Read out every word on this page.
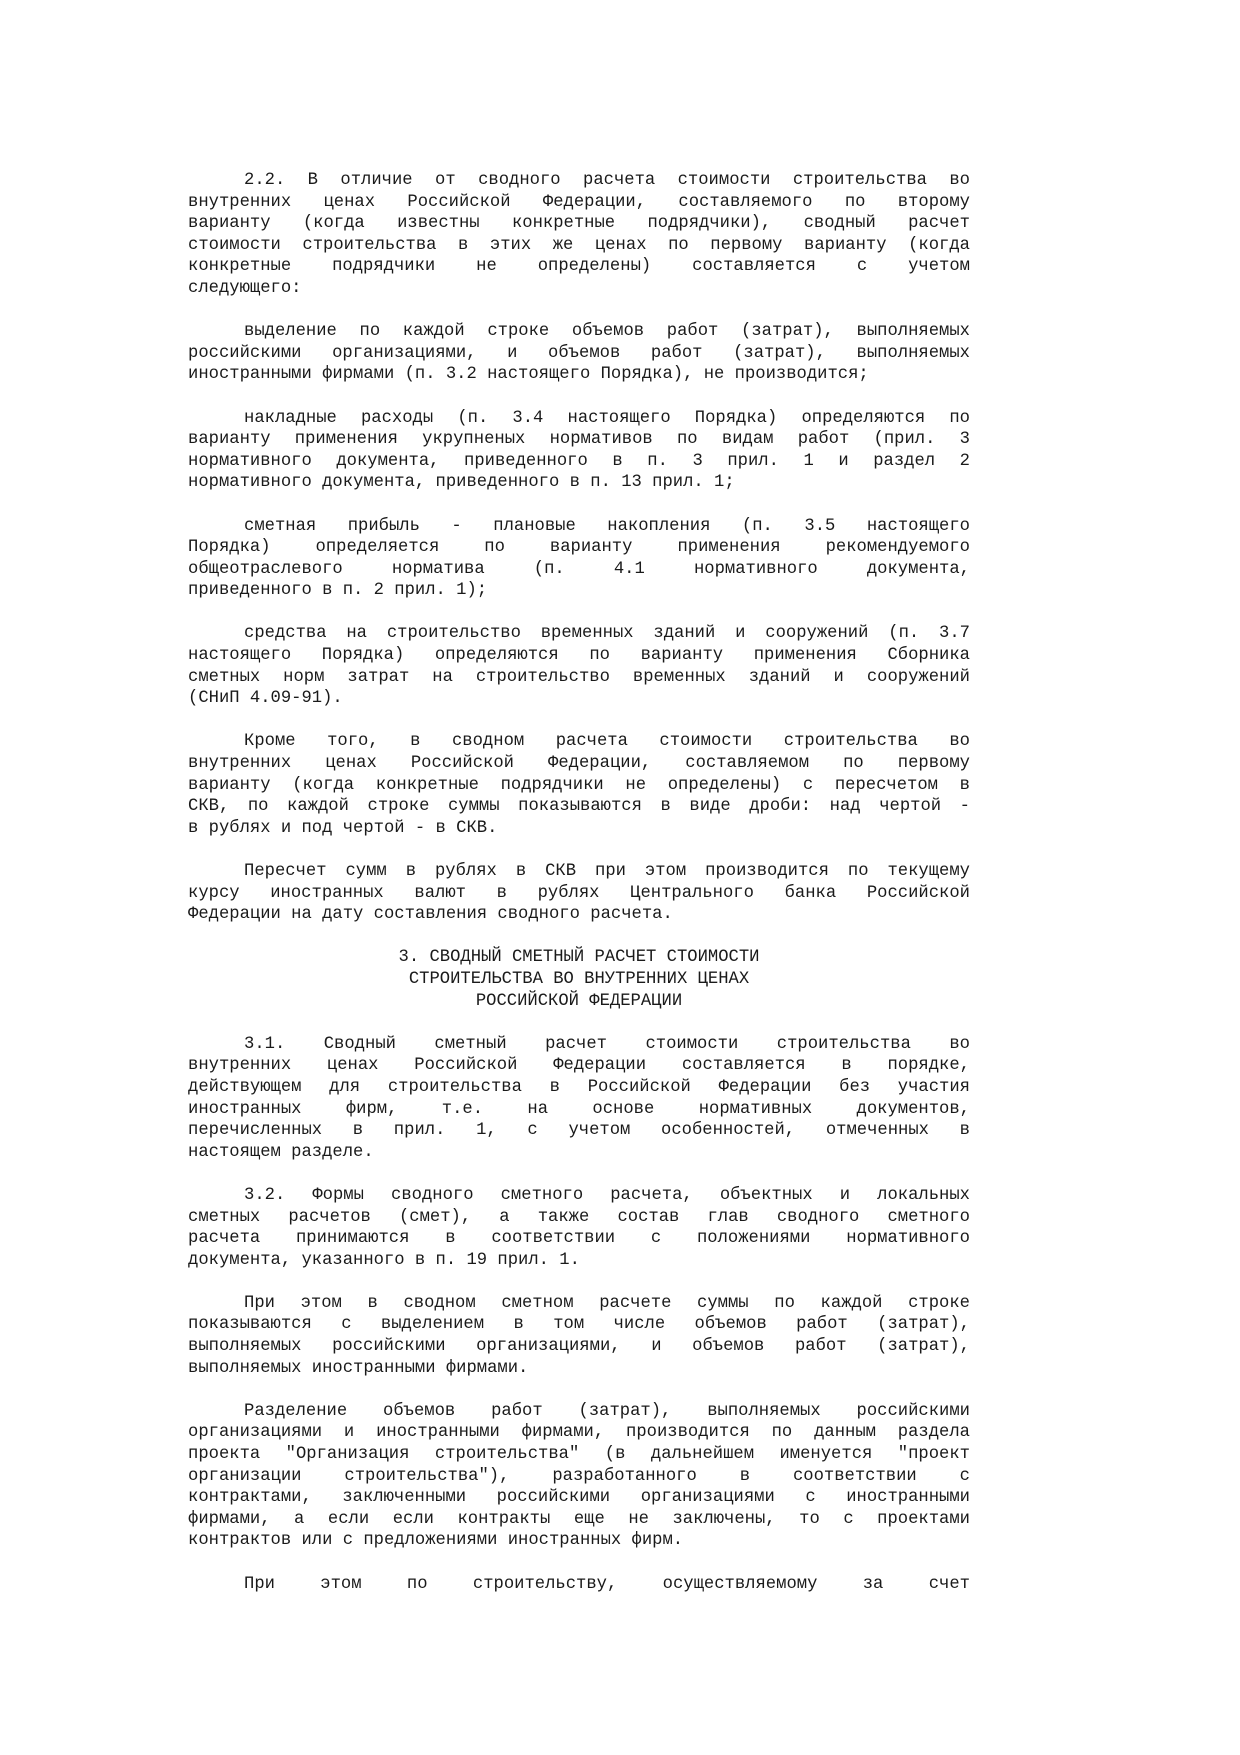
2.2. В отличие от сводного расчета стоимости строительства во
внутренних ценах Российской Федерации, составляемого по второму
варианту (когда известны конкретные подрядчики), сводный расчет
стоимости строительства в этих же ценах по первому варианту (когда
конкретные подрядчики не определены) составляется с учетом
следующего:
выделение по каждой строке объемов работ (затрат), выполняемых
российскими организациями, и объемов работ (затрат), выполняемых
иностранными фирмами (п. 3.2 настоящего Порядка), не производится;
накладные расходы (п. 3.4 настоящего Порядка) определяются по
варианту применения укрупненых нормативов по видам работ (прил. 3
нормативного документа, приведенного в п. 3 прил. 1 и раздел 2
нормативного документа, приведенного в п. 13 прил. 1;
сметная прибыль - плановые накопления (п. 3.5 настоящего
Порядка) определяется по варианту применения рекомендуемого
общеотраслевого норматива (п. 4.1 нормативного документа,
приведенного в п. 2 прил. 1);
средства на строительство временных зданий и сооружений (п. 3.7
настоящего Порядка) определяются по варианту применения Сборника
сметных норм затрат на строительство временных зданий и сооружений
(СНиП 4.09-91).
Кроме того, в сводном расчета стоимости строительства во
внутренних ценах Российской Федерации, составляемом по первому
варианту (когда конкретные подрядчики не определены) с пересчетом в
СКВ, по каждой строке суммы показываются в виде дроби: над чертой -
в рублях и под чертой - в СКВ.
Пересчет сумм в рублях в СКВ при этом производится по текущему
курсу иностранных валют в рублях Центрального банка Российской
Федерации на дату составления сводного расчета.
3. СВОДНЫЙ СМЕТНЫЙ РАСЧЕТ СТОИМОСТИ
СТРОИТЕЛЬСТВА ВО ВНУТРЕННИХ ЦЕНАХ
РОССИЙСКОЙ ФЕДЕРАЦИИ
3.1. Сводный сметный расчет стоимости строительства во
внутренних ценах Российской Федерации составляется в порядке,
действующем для строительства в Российской Федерации без участия
иностранных фирм, т.е. на основе нормативных документов,
перечисленных в прил. 1, с учетом особенностей, отмеченных в
настоящем разделе.
3.2. Формы сводного сметного расчета, объектных и локальных
сметных расчетов (смет), а также состав глав сводного сметного
расчета принимаются в соответствии с положениями нормативного
документа, указанного в п. 19 прил. 1.
При этом в сводном сметном расчете суммы по каждой строке
показываются с выделением в том числе объемов работ (затрат),
выполняемых российскими организациями, и объемов работ (затрат),
выполняемых иностранными фирмами.
Разделение объемов работ (затрат), выполняемых российскими
организациями и иностранными фирмами, производится по данным раздела
проекта "Организация строительства" (в дальнейшем именуется "проект
организации строительства"), разработанного в соответствии с
контрактами, заключенными российскими организациями с иностранными
фирмами, а если если контракты еще не заключены, то с проектами
контрактов или с предложениями иностранных фирм.
При этом по строительству, осуществляемому за счет
